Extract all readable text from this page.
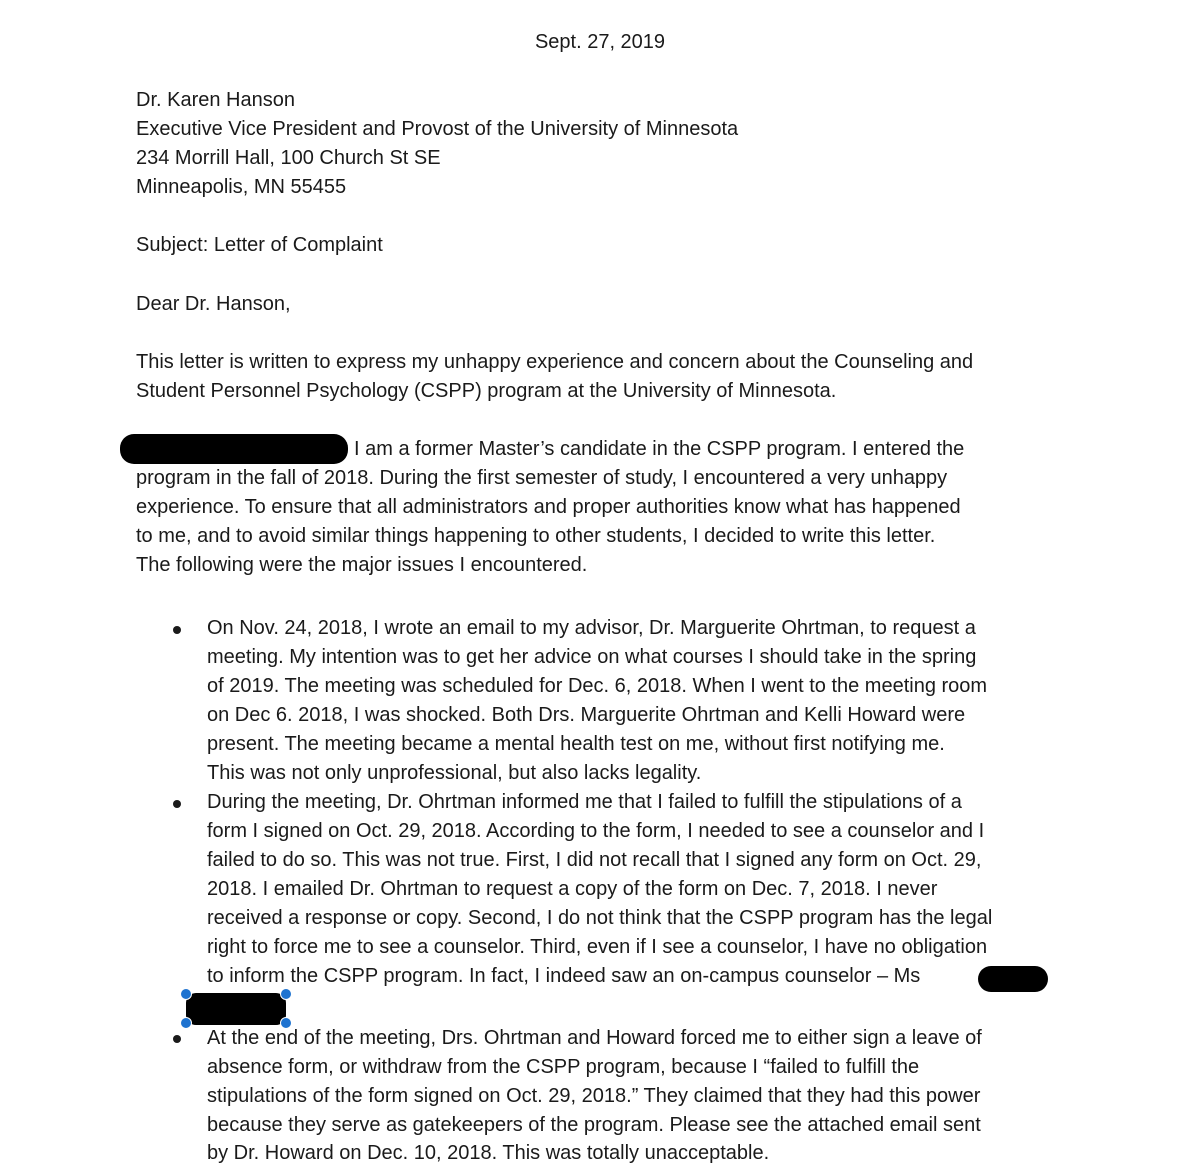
Sept. 27, 2019
Dr. Karen Hanson
Executive Vice President and Provost of the University of Minnesota
234 Morrill Hall, 100 Church St SE
Minneapolis, MN 55455
Subject: Letter of Complaint
Dear Dr. Hanson,
This letter is written to express my unhappy experience and concern about the Counseling and
Student Personnel Psychology (CSPP) program at the University of Minnesota.
I am a former Master’s candidate in the CSPP program. I entered the
program in the fall of 2018. During the first semester of study, I encountered a very unhappy
experience. To ensure that all administrators and proper authorities know what has happened
to me, and to avoid similar things happening to other students, I decided to write this letter.
The following were the major issues I encountered.
On Nov. 24, 2018, I wrote an email to my advisor, Dr. Marguerite Ohrtman, to request a
meeting. My intention was to get her advice on what courses I should take in the spring
of 2019. The meeting was scheduled for Dec. 6, 2018. When I went to the meeting room
on Dec 6. 2018, I was shocked. Both Drs. Marguerite Ohrtman and Kelli Howard were
present. The meeting became a mental health test on me, without first notifying me.
This was not only unprofessional, but also lacks legality.
During the meeting, Dr. Ohrtman informed me that I failed to fulfill the stipulations of a
form I signed on Oct. 29, 2018. According to the form, I needed to see a counselor and I
failed to do so. This was not true. First, I did not recall that I signed any form on Oct. 29,
2018. I emailed Dr. Ohrtman to request a copy of the form on Dec. 7, 2018. I never
received a response or copy. Second, I do not think that the CSPP program has the legal
right to force me to see a counselor. Third, even if I see a counselor, I have no obligation
to inform the CSPP program. In fact, I indeed saw an on-campus counselor – Ms
At the end of the meeting, Drs. Ohrtman and Howard forced me to either sign a leave of
absence form, or withdraw from the CSPP program, because I “failed to fulfill the
stipulations of the form signed on Oct. 29, 2018.” They claimed that they had this power
because they serve as gatekeepers of the program. Please see the attached email sent
by Dr. Howard on Dec. 10, 2018. This was totally unacceptable.
